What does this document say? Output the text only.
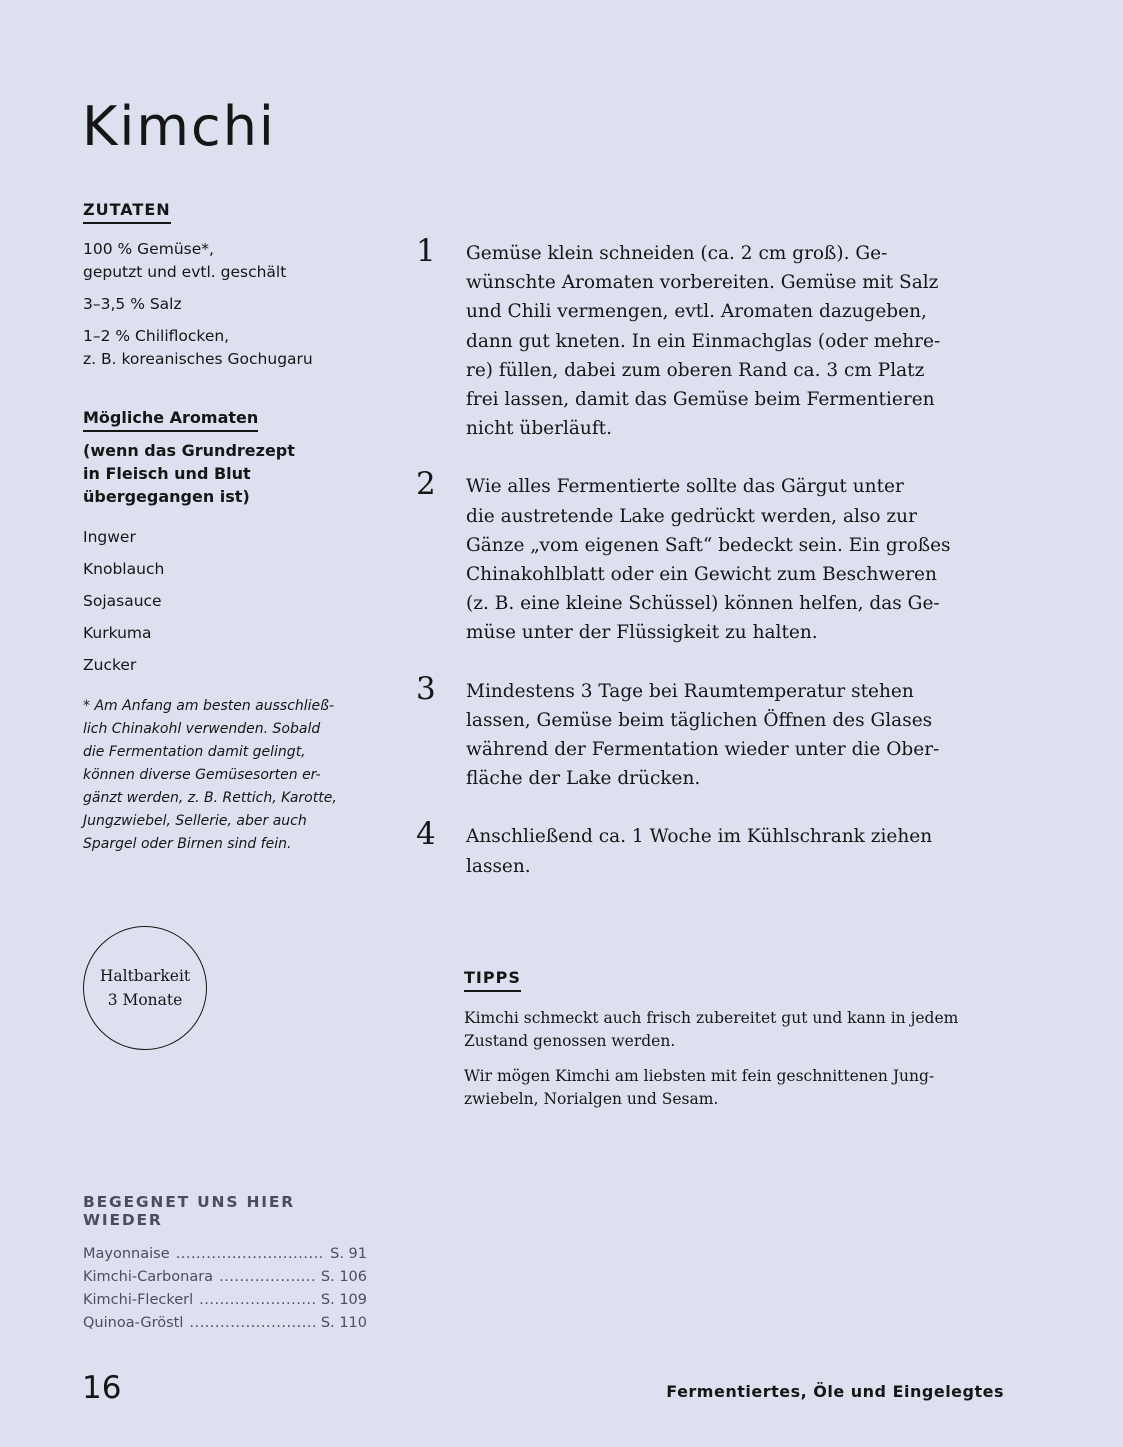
Kimchi
ZUTATEN

100 % Gemüse*,
geputzt und evtl. geschält

3–3,5 % Salz

1–2 % Chiliflocken,
z. B. koreanisches Gochugaru

Mögliche Aromaten

(wenn das Grundrezept
in Fleisch und Blut
übergegangen ist)

Ingwer

Knoblauch

Sojasauce

Kurkuma

Zucker

* Am Anfang am besten ausschließ-
lich Chinakohl verwenden. Sobald
die Fermentation damit gelingt,
können diverse Gemüsesorten er-
gänzt werden, z. B. Rettich, Karotte,
Jungzwiebel, Sellerie, aber auch
Spargel oder Birnen sind fein.

Haltbarkeit
3 Monate
1	Gemüse klein schneiden (ca. 2 cm groß). Ge-
wünschte Aromaten vorbereiten. Gemüse mit Salz
und Chili vermengen, evtl. Aromaten dazugeben,
dann gut kneten. In ein Einmachglas (oder mehre-
re) füllen, dabei zum oberen Rand ca. 3 cm Platz
frei lassen, damit das Gemüse beim Fermentieren
nicht überläuft.

2	Wie alles Fermentierte sollte das Gärgut unter
die austretende Lake gedrückt werden, also zur
Gänze „vom eigenen Saft“ bedeckt sein. Ein großes
Chinakohlblatt oder ein Gewicht zum Beschweren
(z. B. eine kleine Schüssel) können helfen, das Ge-
müse unter der Flüssigkeit zu halten.

3	Mindestens 3 Tage bei Raumtemperatur stehen
lassen, Gemüse beim täglichen Öffnen des Glases
während der Fermentation wieder unter die Ober-
fläche der Lake drücken.

4	Anschließend ca. 1 Woche im Kühlschrank ziehen
lassen.

TIPPS

Kimchi schmeckt auch frisch zubereitet gut und kann in jedem
Zustand genossen werden.

Wir mögen Kimchi am liebsten mit fein geschnittenen Jung-
zwiebeln, Norialgen und Sesam.

BEGEGNET UNS HIER WIEDER

Mayonnaise .....	S. 91
Kimchi-Carbonara .....	S. 106
Kimchi-Fleckerl .....	S. 109
Quinoa-Gröstl .....	S. 110

16	Fermentiertes, Öle und Eingelegtes
